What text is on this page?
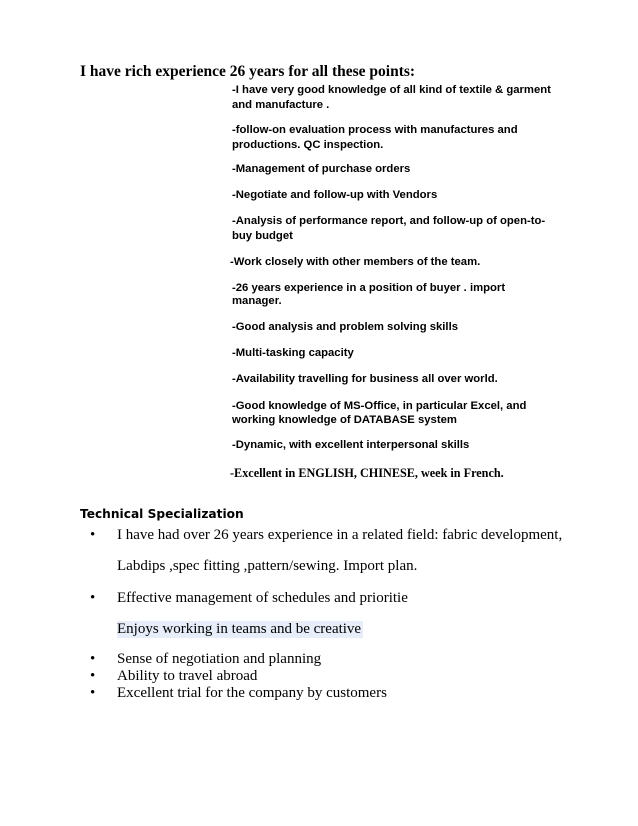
I have rich experience 26 years for all these points:
-I have very good knowledge of all kind of textile & garment
and manufacture .
-follow-on evaluation process with manufactures and
productions. QC inspection.
-Management of purchase orders
-Negotiate and follow-up with Vendors
-Analysis of performance report, and follow-up of open-to-
buy budget
-Work closely with other members of the team.
-26 years experience in a position of buyer . import
manager.
-Good analysis and problem solving skills
-Multi-tasking capacity
-Availability travelling for business all over world.
-Good knowledge of MS-Office, in particular Excel, and
working knowledge of DATABASE system
-Dynamic, with excellent interpersonal skills
-Excellent in ENGLISH, CHINESE, week in French.
Technical Specialization
•	I have had over 26 years experience in a related field: fabric development,
Labdips ,spec fitting ,pattern/sewing. Import plan.
•	Effective management of schedules and prioritie
Enjoys working in teams and be creative
•	Sense of negotiation and planning
•	Ability to travel abroad
•	Excellent trial for the company by customers
